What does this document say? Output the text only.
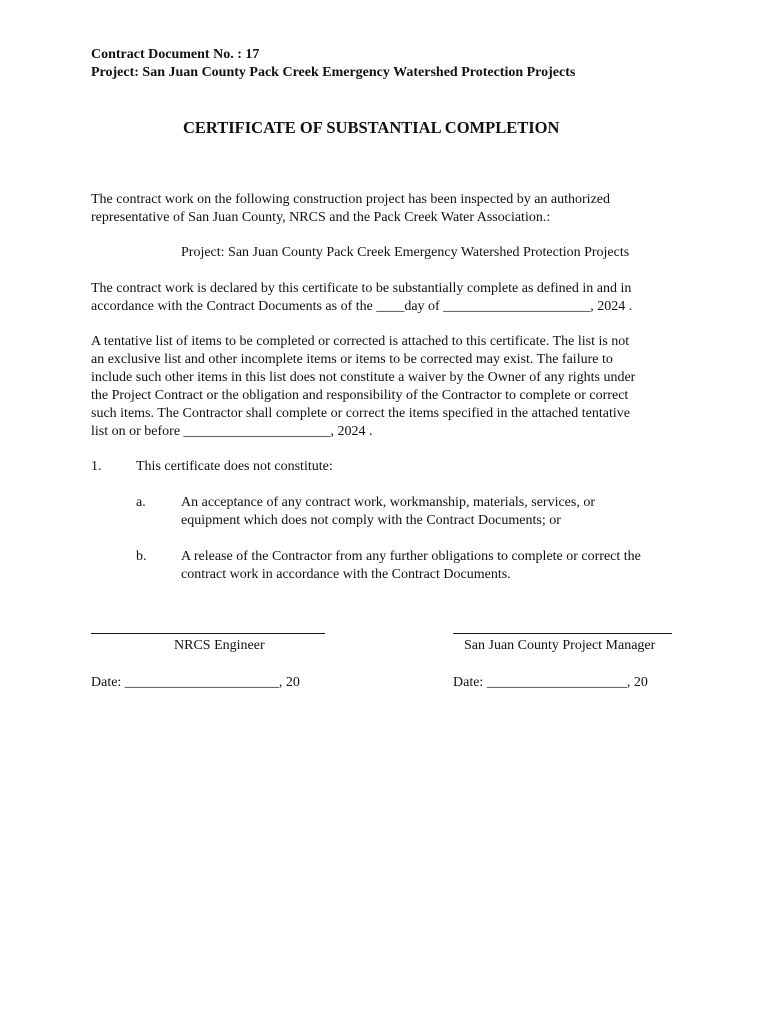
Contract Document No. : 17
Project: San Juan County Pack Creek Emergency Watershed Protection Projects
CERTIFICATE OF SUBSTANTIAL COMPLETION
The contract work on the following construction project has been inspected by an authorized
representative of San Juan County, NRCS and the Pack Creek Water Association.:
Project: San Juan County Pack Creek Emergency Watershed Protection Projects
The contract work is declared by this certificate to be substantially complete as defined in and in
accordance with the Contract Documents as of the ____day of _____________________, 2024 .
A tentative list of items to be completed or corrected is attached to this certificate. The list is not
an exclusive list and other incomplete items or items to be corrected may exist. The failure to
include such other items in this list does not constitute a waiver by the Owner of any rights under
the Project Contract or the obligation and responsibility of the Contractor to complete or correct
such items. The Contractor shall complete or correct the items specified in the attached tentative
list on or before _____________________, 2024 .
1. This certificate does not constitute:
a.	An acceptance of any contract work, workmanship, materials, services, or
equipment which does not comply with the Contract Documents; or
b. A release of the Contractor from any further obligations to complete or correct the
contract work in accordance with the Contract Documents.
NRCS Engineer	San Juan County Project Manager
Date: ______________________, 20	Date: ____________________, 20
